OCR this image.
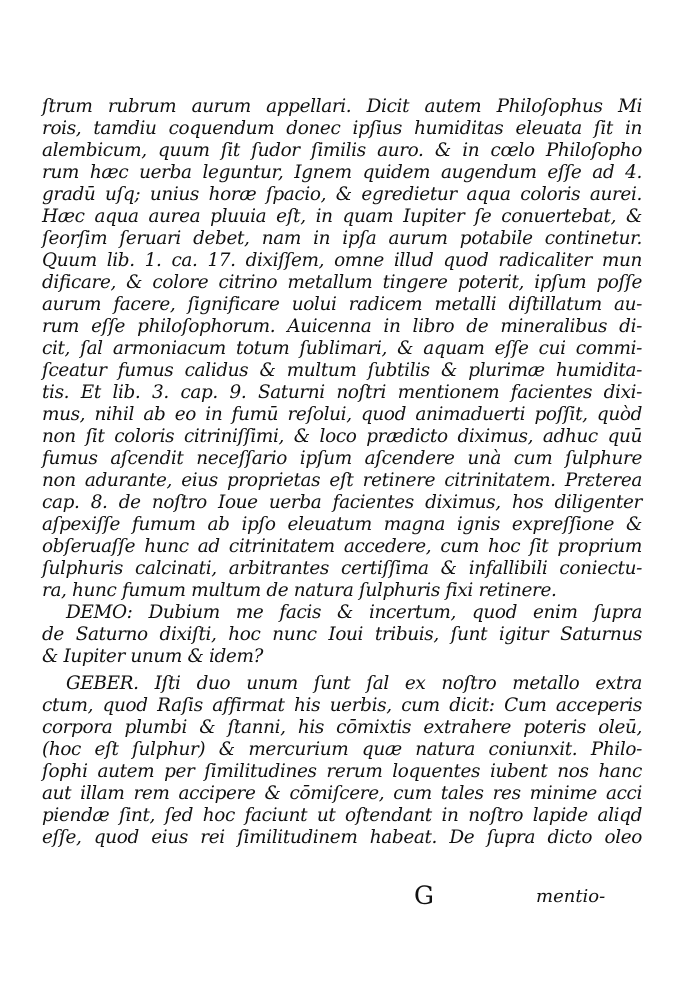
ſtrum rubrum aurum appellari. Dicit autem Philoſophus Mi
rois, tamdiu coquendum donec ipſius humiditas eleuata ſit in
alembicum, quum ſit ſudor ſimilis auro. & in cœlo Philoſopho
rum hæc uerba leguntur, Ignem quidem augendum eſſe ad 4.
gradū uſq; unius horæ ſpacio, & egredietur aqua coloris aurei.
Hæc aqua aurea pluuia eſt, in quam Iupiter ſe conuertebat, &
ſeorſim ſeruari debet, nam in ipſa aurum potabile continetur.
Quum lib. 1. ca. 17. dixiſſem, omne illud quod radicaliter mun
dificare, & colore citrino metallum tingere poterit, ipſum poſſe
aurum facere, ſignificare uolui radicem metalli diſtillatum au-
rum eſſe philoſophorum. Auicenna in libro de mineralibus di-
cit, ſal armoniacum totum ſublimari, & aquam eſſe cui commi-
ſceatur fumus calidus & multum ſubtilis & plurimæ humidita-
tis. Et lib. 3. cap. 9. Saturni noſtri mentionem facientes dixi-
mus, nihil ab eo in fumū reſolui, quod animaduerti poſſit, quòd
non ſit coloris citriniſſimi, & loco prædicto diximus, adhuc quū
fumus aſcendit neceſſario ipſum aſcendere unà cum ſulphure
non adurante, eius proprietas eſt retinere citrinitatem. Prɛterea
cap. 8. de noſtro Ioue uerba facientes diximus, hos diligenter
aſpexiſſe fumum ab ipſo eleuatum magna ignis expreſſione &
obſeruaſſe hunc ad citrinitatem accedere, cum hoc ſit proprium
ſulphuris calcinati, arbitrantes certiſſima & infallibili coniectu-
ra, hunc fumum multum de natura ſulphuris fixi retinere.
DEMO: Dubium me facis & incertum, quod enim ſupra
de Saturno dixiſti, hoc nunc Ioui tribuis, ſunt igitur Saturnus
& Iupiter unum & idem?
GEBER. Iſti duo unum ſunt ſal ex noſtro metallo extra
ctum, quod Raſis affirmat his uerbis, cum dicit: Cum acceperis
corpora plumbi & ſtanni, his cōmixtis extrahere poteris oleū,
(hoc eſt ſulphur) & mercurium quæ natura coniunxit. Philo-
ſophi autem per ſimilitudines rerum loquentes iubent nos hanc
aut illam rem accipere & cōmiſcere, cum tales res minime acci
piendæ ſint, ſed hoc faciunt ut oſtendant in noſtro lapide aliqd
eſſe, quod eius rei ſimilitudinem habeat. De ſupra dicto oleo
G	mentio-
